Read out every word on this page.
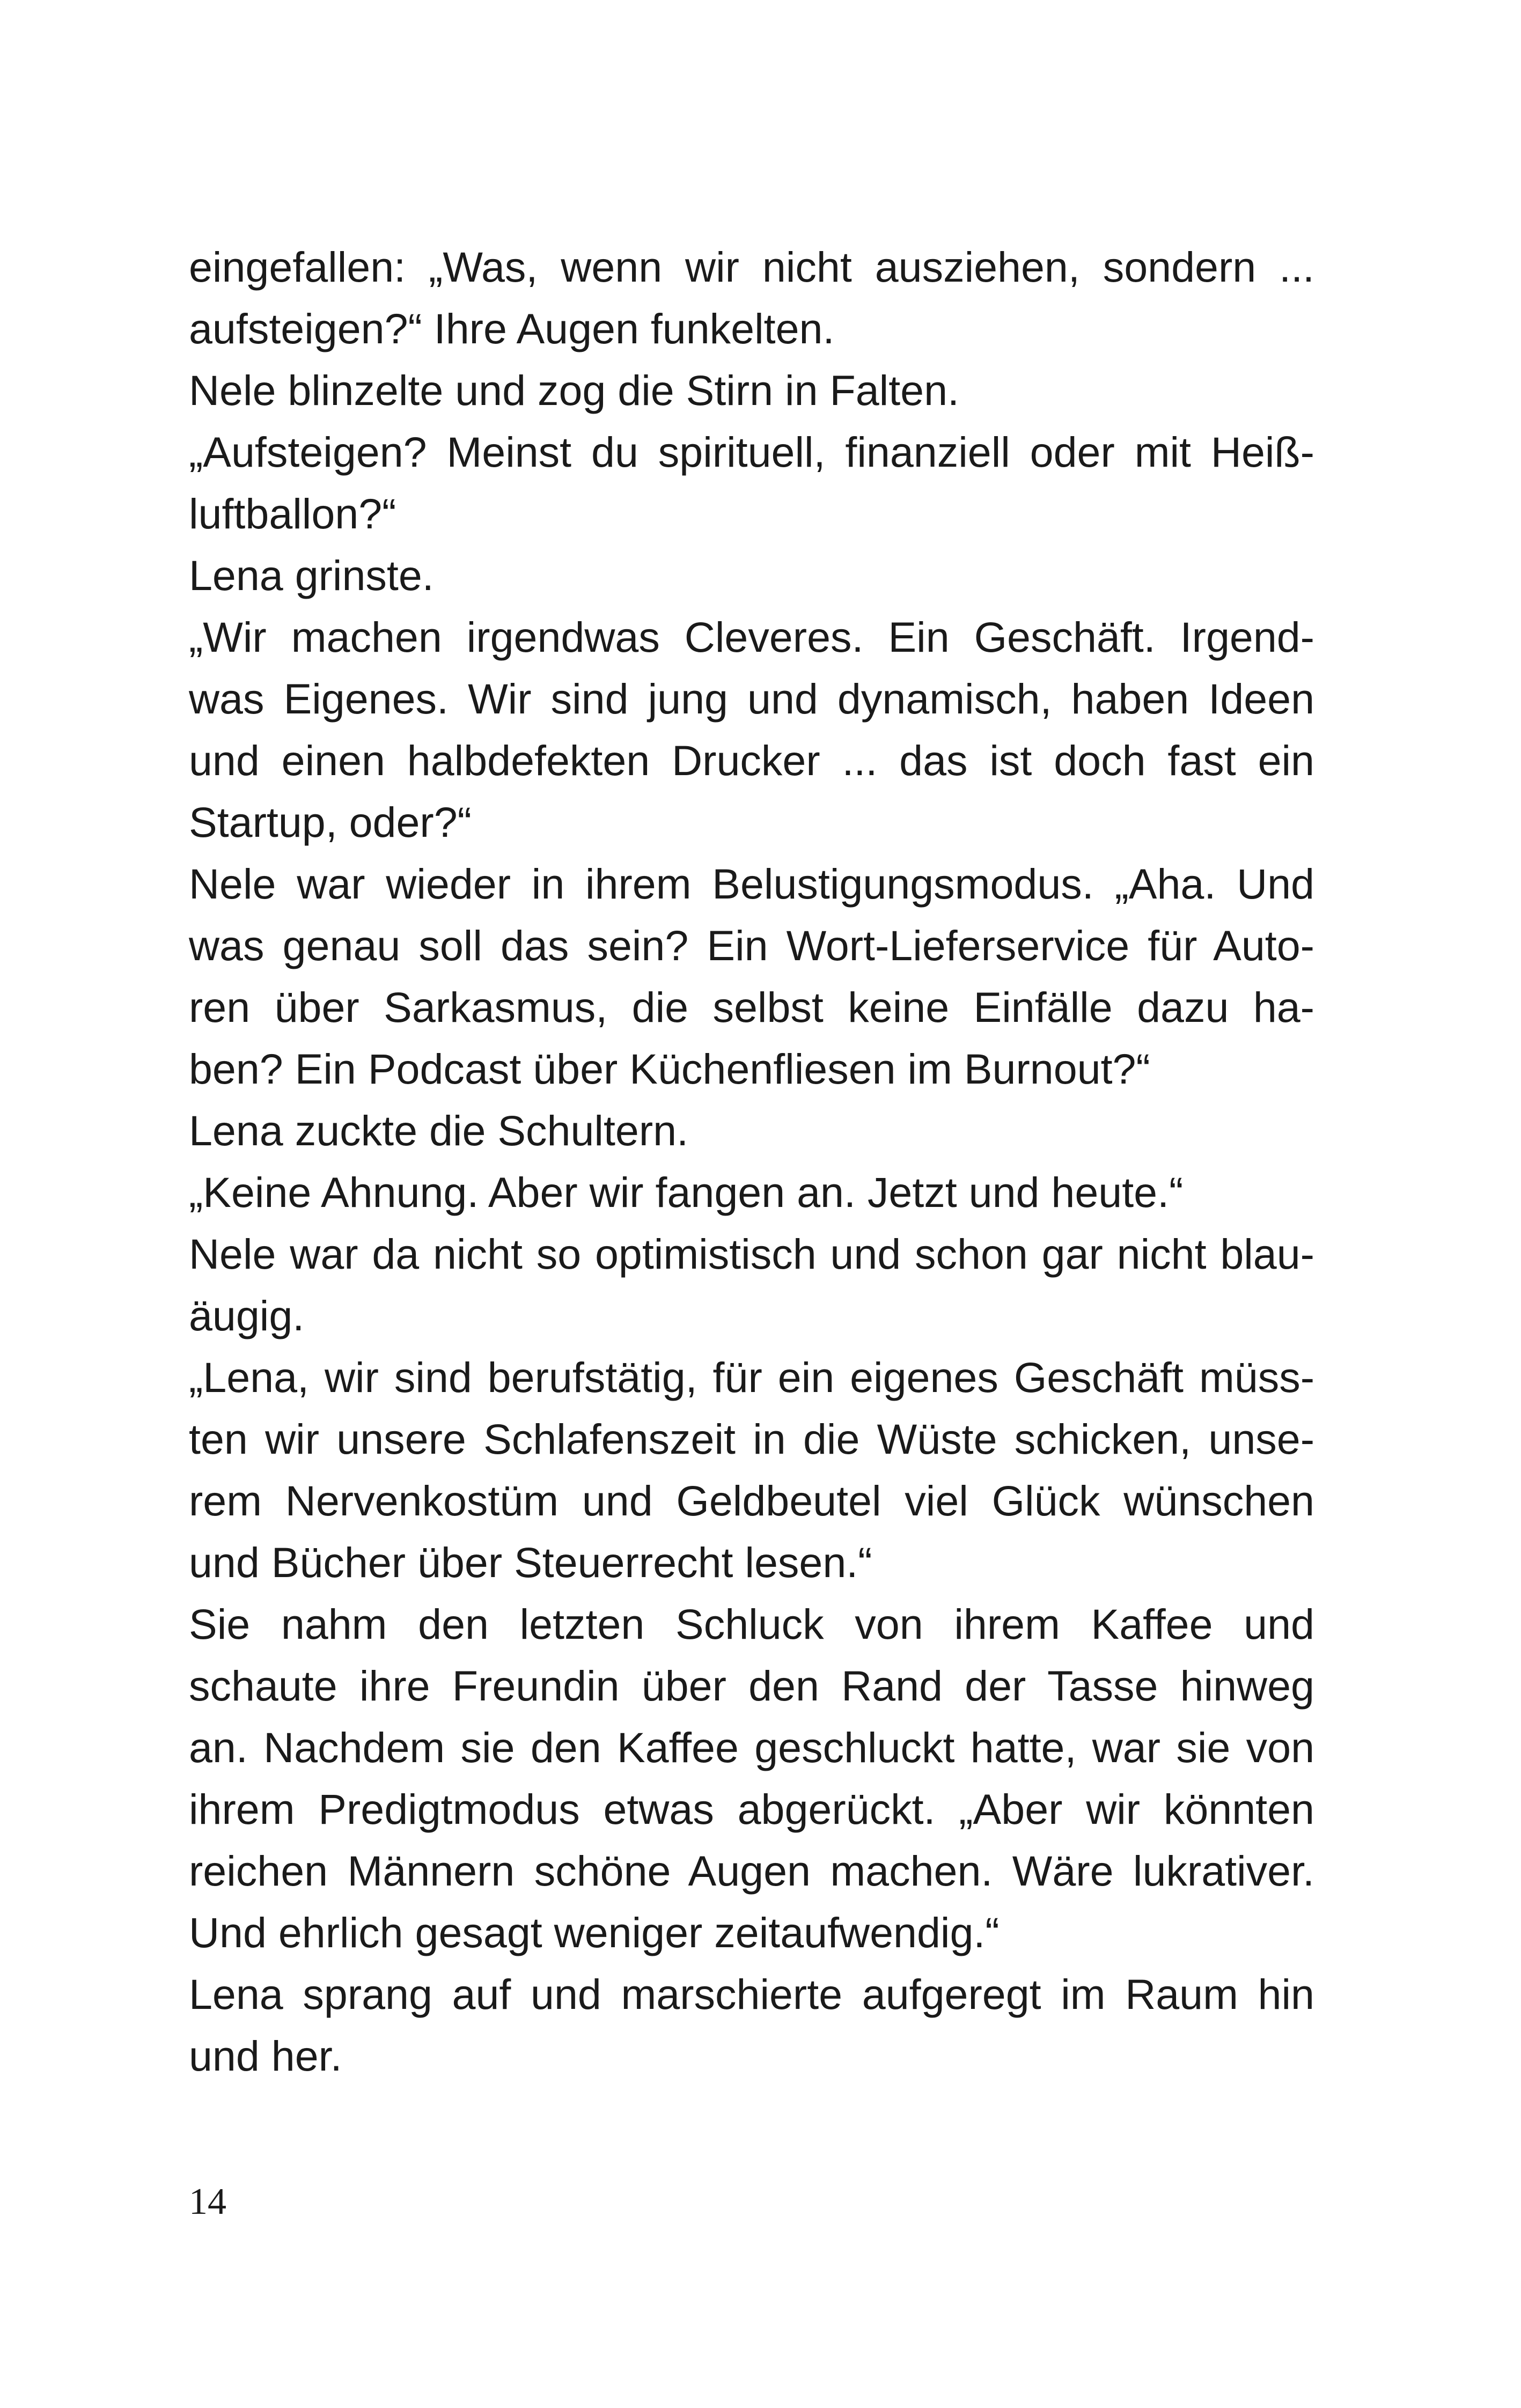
eingefallen: „Was, wenn wir nicht ausziehen, sondern ...
aufsteigen?“ Ihre Augen funkelten.
Nele blinzelte und zog die Stirn in Falten.
„Aufsteigen? Meinst du spirituell, finanziell oder mit Heiß-
luftballon?“
Lena grinste.
„Wir machen irgendwas Cleveres. Ein Geschäft. Irgend-
was Eigenes. Wir sind jung und dynamisch, haben Ideen
und einen halbdefekten Drucker ... das ist doch fast ein
Startup, oder?“
Nele war wieder in ihrem Belustigungsmodus. „Aha. Und
was genau soll das sein? Ein Wort-Lieferservice für Auto-
ren über Sarkasmus, die selbst keine Einfälle dazu ha-
ben? Ein Podcast über Küchenfliesen im Burnout?“
Lena zuckte die Schultern.
„Keine Ahnung. Aber wir fangen an. Jetzt und heute.“
Nele war da nicht so optimistisch und schon gar nicht blau-
äugig.
„Lena, wir sind berufstätig, für ein eigenes Geschäft müss-
ten wir unsere Schlafenszeit in die Wüste schicken, unse-
rem Nervenkostüm und Geldbeutel viel Glück wünschen
und Bücher über Steuerrecht lesen.“
Sie nahm den letzten Schluck von ihrem Kaffee und
schaute ihre Freundin über den Rand der Tasse hinweg
an. Nachdem sie den Kaffee geschluckt hatte, war sie von
ihrem Predigtmodus etwas abgerückt. „Aber wir könnten
reichen Männern schöne Augen machen. Wäre lukrativer.
Und ehrlich gesagt weniger zeitaufwendig.“
Lena sprang auf und marschierte aufgeregt im Raum hin
und her.
14
